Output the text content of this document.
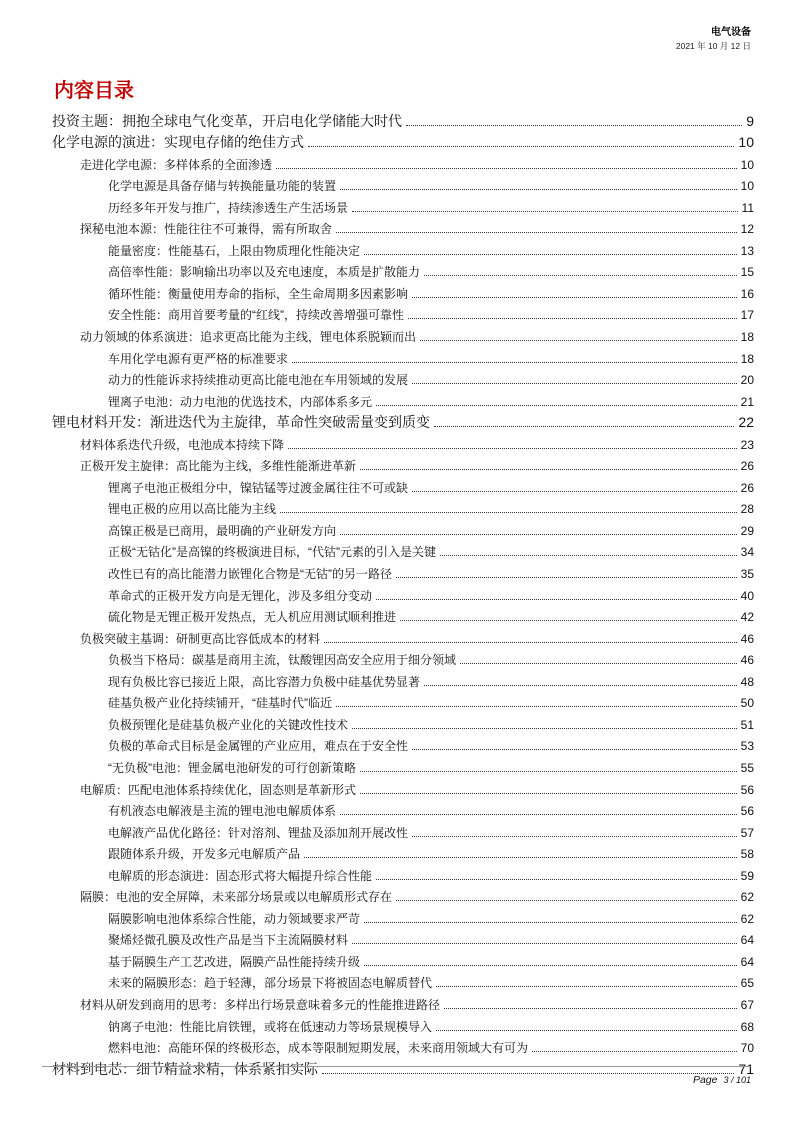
电气设备
2021 年 10 月 12 日
内容目录
投资主题：拥抱全球电气化变革，开启电化学储能大时代	9
化学电源的演进：实现电存储的绝佳方式	10
走进化学电源：多样体系的全面渗透	10
化学电源是具备存储与转换能量功能的装置	10
历经多年开发与推广，持续渗透生产生活场景	11
探秘电池本源：性能往往不可兼得，需有所取舍	12
能量密度：性能基石，上限由物质理化性能决定	13
高倍率性能：影响输出功率以及充电速度，本质是扩散能力	15
循环性能：衡量使用寿命的指标，全生命周期多因素影响	16
安全性能：商用首要考量的“红线”，持续改善增强可靠性	17
动力领域的体系演进：追求更高比能为主线，锂电体系脱颖而出	18
车用化学电源有更严格的标准要求	18
动力的性能诉求持续推动更高比能电池在车用领域的发展	20
锂离子电池：动力电池的优选技术，内部体系多元	21
锂电材料开发：渐进迭代为主旋律，革命性突破需量变到质变	22
材料体系迭代升级，电池成本持续下降	23
正极开发主旋律：高比能为主线，多维性能渐进革新	26
锂离子电池正极组分中，镍钴锰等过渡金属往往不可或缺	26
锂电正极的应用以高比能为主线	28
高镍正极是已商用，最明确的产业研发方向	29
正极“无钴化”是高镍的终极演进目标，“代钴”元素的引入是关键	34
改性已有的高比能潜力嵌锂化合物是“无钴”的另一路径	35
革命式的正极开发方向是无锂化，涉及多组分变动	40
硫化物是无锂正极开发热点，无人机应用测试顺利推进	42
负极突破主基调：研制更高比容低成本的材料	46
负极当下格局：碳基是商用主流，钛酸锂因高安全应用于细分领域	46
现有负极比容已接近上限，高比容潜力负极中硅基优势显著	48
硅基负极产业化持续铺开，“硅基时代”临近	50
负极预锂化是硅基负极产业化的关键改性技术	51
负极的革命式目标是金属锂的产业应用，难点在于安全性	53
“无负极”电池：锂金属电池研发的可行创新策略	55
电解质：匹配电池体系持续优化，固态则是革新形式	56
有机液态电解液是主流的锂电池电解质体系	56
电解液产品优化路径：针对溶剂、锂盐及添加剂开展改性	57
跟随体系升级，开发多元电解质产品	58
电解质的形态演进：固态形式将大幅提升综合性能	59
隔膜：电池的安全屏障，未来部分场景或以电解质形式存在	62
隔膜影响电池体系综合性能，动力领域要求严苛	62
聚烯烃微孔膜及改性产品是当下主流隔膜材料	64
基于隔膜生产工艺改进，隔膜产品性能持续升级	64
未来的隔膜形态：趋于轻薄，部分场景下将被固态电解质替代	65
材料从研发到商用的思考：多样出行场景意味着多元的性能推进路径	67
钠离子电池：性能比肩铁锂，或将在低速动力等场景规模导入	68
燃料电池：高能环保的终极形态，成本等限制短期发展，未来商用领域大有可为	70
材料到电芯：细节精益求精，体系紧扣实际	71
Page 3 / 101
